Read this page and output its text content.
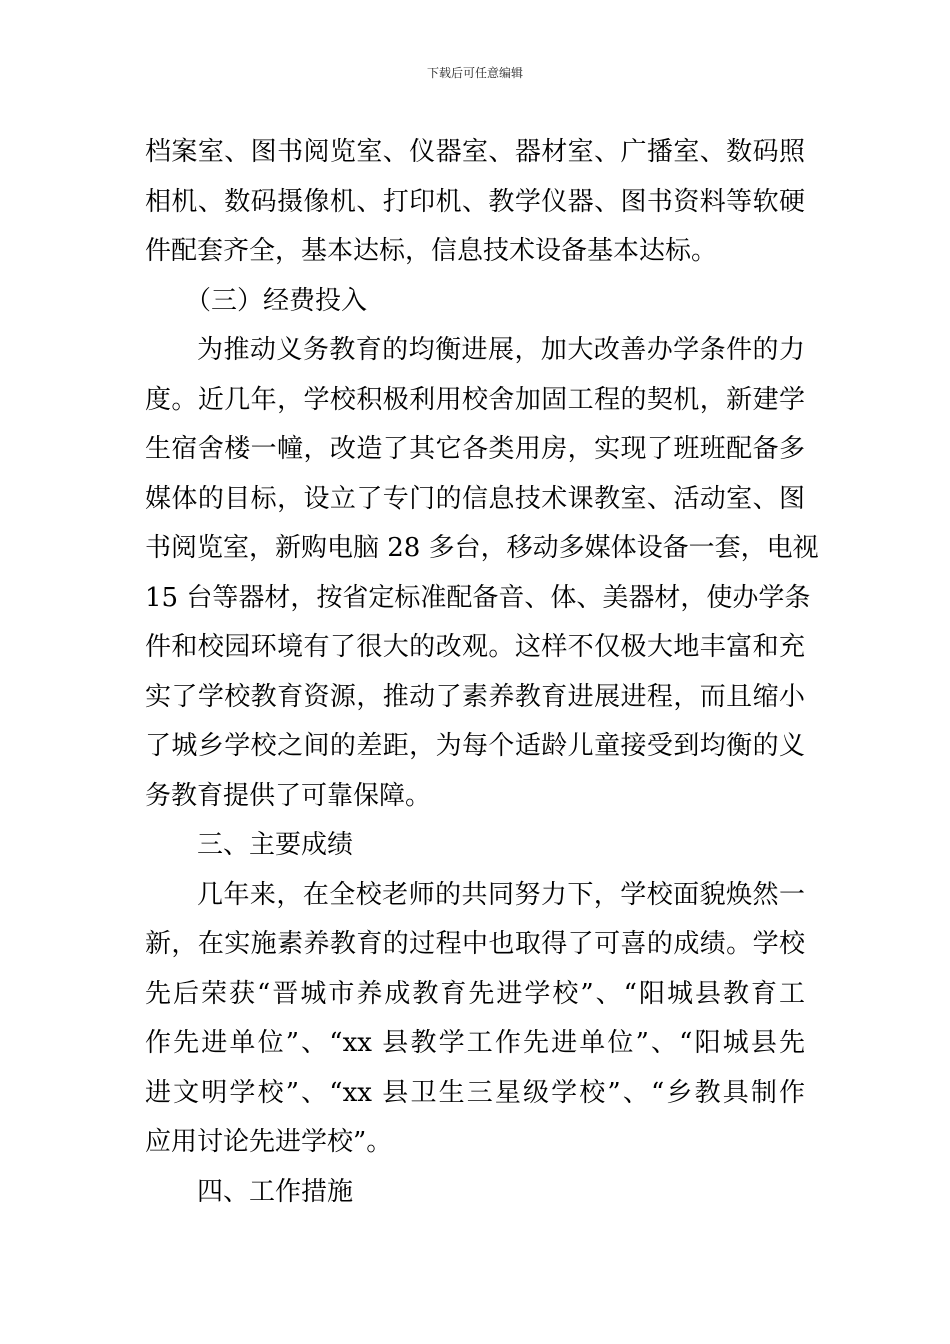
下载后可任意编辑
档案室、图书阅览室、仪器室、器材室、广播室、数码照
相机、数码摄像机、打印机、教学仪器、图书资料等软硬
件配套齐全，基本达标，信息技术设备基本达标。
（三）经费投入
为推动义务教育的均衡进展，加大改善办学条件的力
度。近几年，学校积极利用校舍加固工程的契机，新建学
生宿舍楼一幢，改造了其它各类用房，实现了班班配备多
媒体的目标，设立了专门的信息技术课教室、活动室、图
书阅览室，新购电脑 28 多台，移动多媒体设备一套，电视
15 台等器材，按省定标准配备音、体、美器材，使办学条
件和校园环境有了很大的改观。这样不仅极大地丰富和充
实了学校教育资源，推动了素养教育进展进程，而且缩小
了城乡学校之间的差距，为每个适龄儿童接受到均衡的义
务教育提供了可靠保障。
三、主要成绩
几年来，在全校老师的共同努力下，学校面貌焕然一
新，在实施素养教育的过程中也取得了可喜的成绩。学校
先后荣获“晋城市养成教育先进学校”、“阳城县教育工
作先进单位”、“xx 县教学工作先进单位”、“阳城县先
进文明学校”、“xx 县卫生三星级学校”、“乡教具制作
应用讨论先进学校”。
四、工作措施
